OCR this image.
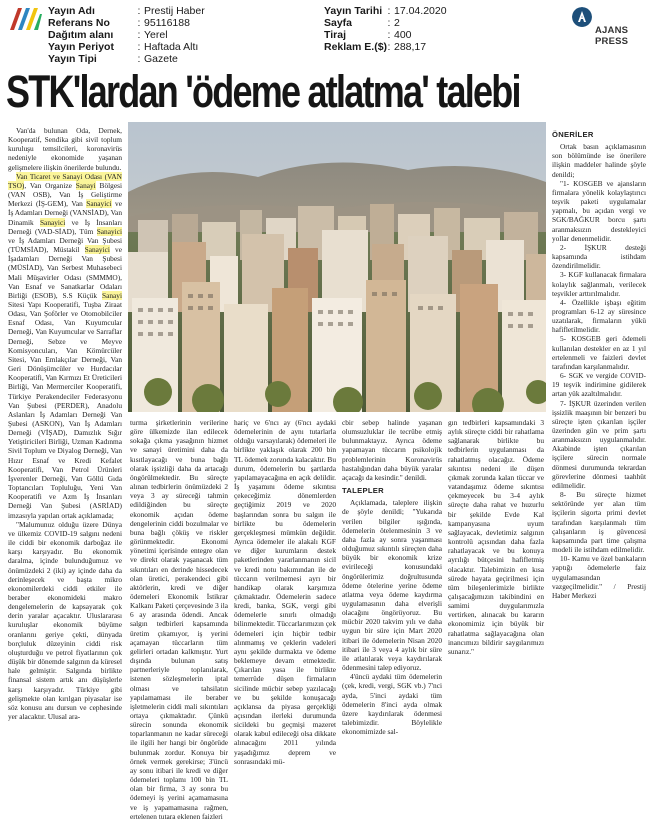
Yayın Adı	: Prestij Haber
Referans No	: 95116188
Dağıtım alanı : Yerel
Yayın Periyot : Haftada Altı
Yayın Tipi	: Gazete
Yayın Tarihi : 17.04.2020
Sayfa	: 2
Tiraj	: 400
Reklam E.($): 288,17
AJANS PRESS
STK'lardan 'ödeme atlatma' talebi

Van'da bulunan Oda, Dernek, Kooperatif, Sendika gibi sivil toplum kuruluşu temsilcileri, koronavirüs nedeniyle ekonomide yaşanan gelişmelere ilişkin önerilerde bulundu.

Van Ticaret ve Sanayi Odası (VAN TSO), Van Organize Sanayi Bölgesi (VAN OSB), Van İş Geliştirme Merkezi (İŞ-GEM), Van Sanayici ve İş Adamları Derneği (VANSİAD), Van Dinamik Sanayici ve İş İnsanları Derneği (VAD-SİAD), Tüm Sanayici ve İş Adamları Derneği Van Şubesi (TÜMSİAD), Müstakil Sanayici ve İşadamları Derneği Van Şubesi (MÜSİAD), Van Serbest Muhasebeci Mali Müşavirler Odası (SMMMO), Van Esnaf ve Sanatkarlar Odaları Birliği (ESOB), S.S Küçük Sanayi Sitesi Yapı Kooperatifi, Tuşba Ziraat Odası, Van Şoförler ve Otomobilciler Esnaf Odası, Van Kuyumcular Derneği, Van Kuyumcular ve Sarraflar Derneği, Sebze ve Meyve Komisyoncuları, Van Kömürcüler Sitesi, Van Emlakçılar Derneği, Van Geri Dönüşümcüler ve Hurdacılar Kooperatifi, Van Kırmızı Et Üreticileri Birliği, Van Mermerciler Kooperatifi, Türkiye Perakendeciler Federasyonu Van Şubesi (PERDER), Anadolu Aslanları İş Adamları Derneği Van Şubesi (ASKON), Van İş Adamları Derneği (VİŞAD), Damızlık Sığır Yetiştiricileri Birliği, Uzman Kadınma Sivil Toplum ve Diyalog Derneği, Van Hızır Esnaf ve Kredi Kefalet Kooperatifi, Van Petrol Ürünleri İşverenler Derneği, Van Göllü Gıda Toptancıları Topluluğu, Yeni Van Kooperatifi ve Azm İş İnsanları Derneği Van Şubesi (ASRİAD) imzasıyla yapılan ortak açıklamada;

"Malumunuz olduğu üzere Dünya ve ülkemiz COVID-19 salgını nedeni ile ciddi bir ekonomik darboğaz ile karşı karşıyadır. Bu ekonomik daralma, içinde bulunduğumuz ve önümüzdeki 2 (iki) ay içinde daha da derinleşecek ve başta mikro ekonomilerdeki ciddi etkiler ile beraber ekonomideki makro dengelemelerin de kapsayarak çok derin yaralar açacaktır. Uluslararası kuruluşlar ekonomik büyüme oranlarını geriye çekti, dünyada borçluluk düzeyinin ciddi risk oluşturduğu ve petrol fiyatlarının çok düşük bir dönemde salgının da küresel hale gelmiştir. Salgında birlikte finansal sistem artık anı düşüşlerle karşı karşıyadır. Türkiye gibi gelişmekte olan kırılgan piyasalar ise söz konusu anı dursun ve cephesinde yer alacaktır. Ulusal ara-

turma şirketlerinin verilerine göre ülkemizde ilan edilecek sokağa çıkma yasağının hizmet ve sanayi üretimini daha da kısıtlayacağı ve buna bağlı olarak işsizliği daha da artacağı öngörülmektedir. Bu süreçte alınan tedbirlerin önümüzdeki 2 veya 3 ay süreceği tahmin edildiğinden bu süreçte ekonomik açıdan ödeme dengelerinin ciddi bozulmalar ve buna bağlı çöküş ve riskler görünmektedir. Ekonomi yönetimi içerisinde entegre olan ve direkt olarak yaşanacak tüm sıkıntıları en derinde hissedecek olan üretici, perakendeci gibi aktörlerin, kredi ve diğer ödemeleri Ekonomik İstikrar Kalkanı Paketi çerçevesinde 3 ila 6 ay arasında ödendi. Ancak salgın tedbirleri kapsamında üretim çıkamıyor, iş yerini açamayan tüccarların tüm gelirleri ortadan kalkmıştır. Yurt dışında bulunan satış partnerleriyle toplanılarak, istenen sözleşmelerin iptal olması ve tahsilatın yapılamaması ile beraber işletmelerin ciddi mali sıkıntıları ortaya çıkmaktadır. Çünkü sürecin sonunda ekonomik toparlanmanın ne kadar süreceği ile ilgili her hangi bir öngörüde bulunmak zordur. Konuya bir örnek vermek gerekirse; 3'üncü ay sonu itibari ile kredi ve diğer ödemeleri toplamı 100 bin TL olan bir firma, 3 ay sonra bu ödemeyi iş yerini açamamasına ve iş yapamamasına rağmen, ertelenen tutara eklenen faizleri

hariç ve 6'ncı ay (6'ncı aydaki ödemelerinin de aynı tutarlarla olduğu varsayılarak) ödemeleri ile birlikte yaklaşık olarak 200 bin TL ödemek zorunda kalacaktır. Bu durum, ödemelerin bu şartlarda yapılamayacağına en açık delildir. İş yaşamını ödeme sıkıntısı çekeceğimiz dönemlerden geçtiğimiz 2019 ve 2020 başlarından sonra bu salgın ile birlikte bu ödemelerin gerçekleşmesi mümkün değildir. Ayrıca ödemeler ile alakalı KGF ve diğer kurumların destek paketlerinden yararlanmanın sicil ve kredi notu bakımından ile de tüccarın verilmemesi ayrı bir handikap olarak karşımıza çıkmaktadır. Ödemelerin sadece kredi, banka, SGK, vergi gibi ödemelerle sınırlı olmadığı bilinmektedir. Tüccarlarımızın çek ödemeleri için hiçbir tedbir alınmamış ve çeklerin vadeleri aynı şekilde durmakta ve ödeme beklemeye devam etmektedir. Çıkarılan yasa ile birlikte temerrüde düşen firmaların sicilinde mücbir sebep yazılacağı ve bu şekilde konuşacağı açıklansa da piyasa gerçekliği açısından ilerleki durumunda sicildeki bu geçmişi mazeret olarak kabul edileceği olsa dikkate alınacağını 2011 yılında yaşadığımız deprem ve sonrasındaki mü-

cbir sebep halinde yaşanan olumsuzluklar ile tecrübe etmiş bulunmaktayız. Ayrıca ödeme yapamayan tüccarın psikolojik problemlerinin Koronavirüs hastalığından daha büyük yaralar açacağı da kesindir." denildi.

TALEPLER

Açıklamada, taleplere ilişkin de şöyle denildi; "Yukarıda verilen bilgiler ışığında, ödemelerin ötelenmesinin 3 ve daha fazla ay sonra yaşanması olduğumuz sıkıntılı süreçten daha büyük bir ekonomik krize evirileceği konusundaki öngörülerimiz doğrultusunda ödeme ötelerine yerine ödeme atlatma veya ödeme kaydırma uygulamasının daha elverişli olacağını öngörüyoruz. Bu mücbir 2020 takvim yılı ve daha uygun bir süre için Mart 2020 itibari ile ödemelerin Nisan 2020 itibari ile 3 veya 4 aylık bir süre ile atlatılarak veya kaydırılarak ödenmesini talep ediyoruz.

4'üncü aydaki tüm ödemelerin (çek, kredi, vergi, SGK vb.) 7'nci ayda, 5'inci aydaki tüm ödemelerin 8'inci ayda olmak üzere kaydırılarak ödenmesi talebimizdir. Böylelikle ekonomimizde sal-

gın tedbirleri kapsamındaki 3 aylık süreçte ciddi bir rahatlama sağlanarak birlikte bu tedbirlerin uygulanması da rahatlatmış olacağız. Ödeme sıkıntısı nedeni ile düşen çıkmak zorunda kalan tüccar ve vatandaşımız ödeme sıkıntısı çekmeyecek bu 3-4 aylık süreçte daha rahat ve huzurlu bir şekilde Evde Kal kampanyasına uyum sağlayacak, devletimiz salgının kontrolü açısından daha fazla rahatlayacak ve bu konuya ayrılığı bütçesini hafifletmiş olacaktır. Talebimizin en kısa sürede hayata geçirilmesi için tüm bileşenlerimizle birlikte çalışacağımızın takibindini en samimi duygularımızla vertirken, alınacak bu kararın ekonomimiz için büyük bir rahatlatma sağlayacağına olan inancımızı bildirir saygılarımızı sunarız."

ÖNERİLER

Ortak basın açıklamasının son bölümünde ise önerilere ilişkin maddeler halinde şöyle denildi;

"1- KOSGEB ve ajansların firmalara yönelik kolaylaştırıcı teşvik paketi uygulamalar yapmalı, bu açıdan vergi ve SGK/BAĞKUR borcu şartı aranmaksızın destekleyici yollar denenmelidir.

2- İŞKUR desteği kapsamında istihdam özendirilmelidir.

3- KGF kullanacak firmalara kolaylık sağlanmalı, verilecek teşvikler arttırılmalıdır.

4- Özellikle işbaşı eğitim programları 6-12 ay süresince uzatılarak, firmaların yükü hafifletilmelidir.

5- KOSGEB geri ödemeli kullanılan destekler en az 1 yıl ertelenmeli ve faizleri devlet tarafından karşılanmalıdır.

6- SGK ve vergide COVID-19 teşvik indirimine gidilerek artan yük azaltılmalıdır.

7- İŞKUR üzerinden verilen işsizlik maaşının bir benzeri bu süreçte işten çıkarılan işçiler üzerinden gün ve prim şartı aranmaksızın uygulanmalıdır. Akabinde işten çıkarılan işçilere sürecin normale dönmesi durumunda tekrardan görevlerine dönmesi taahhüt edilmelidir.

8- Bu süreçte hizmet sektöründe yer alan tüm işçilerin sigorta primi devlet tarafından karşılanmalı tüm çalışanların iş güvencesi kapsamında part time çalışma modeli ile istihdam edilmelidir.

10- Kamu ve özel bankaların yaptığı ödemelerle faiz uygulamasından vazgeçilmelidir." / Prestij Haber Merkezi
